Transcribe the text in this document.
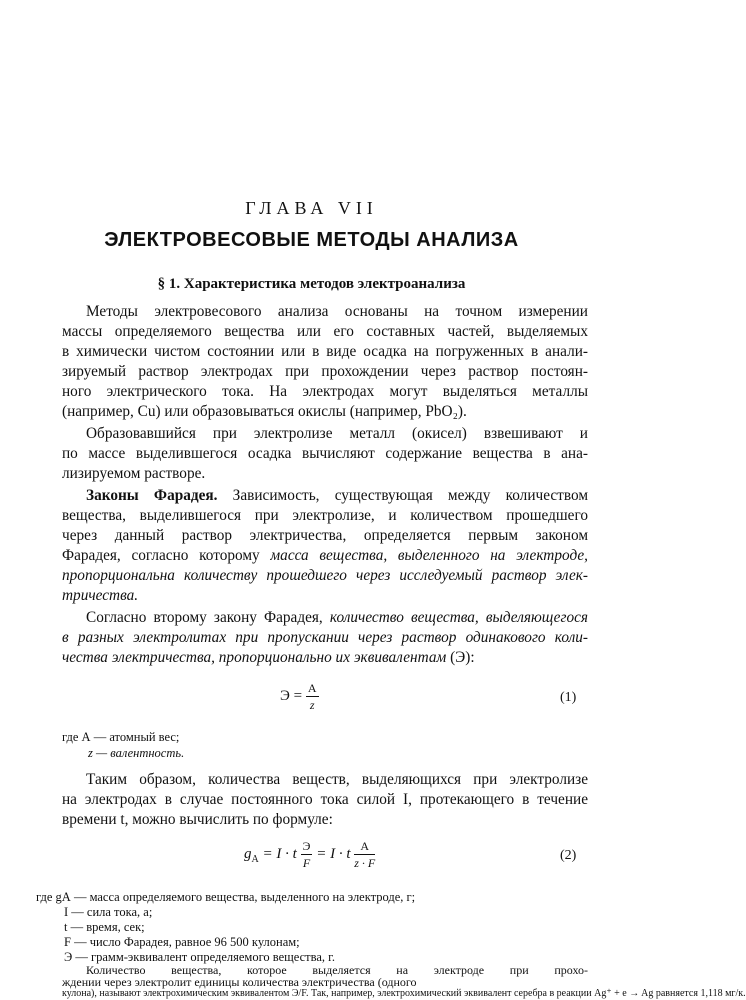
ГЛАВА VII
ЭЛЕКТРОВЕСОВЫЕ МЕТОДЫ АНАЛИЗА
§ 1. Характеристика методов электроанализа
Методы электровесового анализа основаны на точном измерении
массы определяемого вещества или его составных частей, выделяемых
в химически чистом состоянии или в виде осадка на погруженных в анали-
зируемый раствор электродах при прохождении через раствор постоян-
ного электрического тока. На электродах могут выделяться металлы
(например, Cu) или образовываться окислы (например, PbO₂).
Образовавшийся при электролизе металл (окисел) взвешивают и
по массе выделившегося осадка вычисляют содержание вещества в ана-
лизируемом растворе.
Законы Фарадея. Зависимость, существующая между количеством
вещества, выделившегося при электролизе, и количеством прошедшего
через данный раствор электричества, определяется первым законом
Фарадея, согласно которому масса вещества, выделенного на электроде,
пропорциональна количеству прошедшего через исследуемый раствор элек-
тричества.
Согласно второму закону Фарадея, количество вещества, выделяющегося
в разных электролитах при пропускании через раствор одинакового коли-
чества электричества, пропорционально их эквивалентам (Э):
$Э = \frac{А}{z}$	(1)
где А — атомный вес;
z — валентность.
Таким образом, количества веществ, выделяющихся при электролизе
на электродах в случае постоянного тока силой I, протекающего в течение
времени t, можно вычислить по формуле:
$g_A = I \cdot t \frac{Э}{F} = I \cdot t \frac{А}{z \cdot F}$	(2)
где gА — масса определяемого вещества, выделенного на электроде, г;
I — сила тока, а;
t — время, сек;
F — число Фарадея, равное 96 500 кулонам;
Э — грамм-эквивалент определяемого вещества, г.
Количество вещества, которое выделяется на электроде при прохо-
ждении через электролит единицы количества электричества (одного
кулона), называют электрохимическим эквивалентом Э/F. Так, например, электрохимический эквивалент серебра в реакции Ag⁺ + e → Ag равняется 1,118 мг/к.
